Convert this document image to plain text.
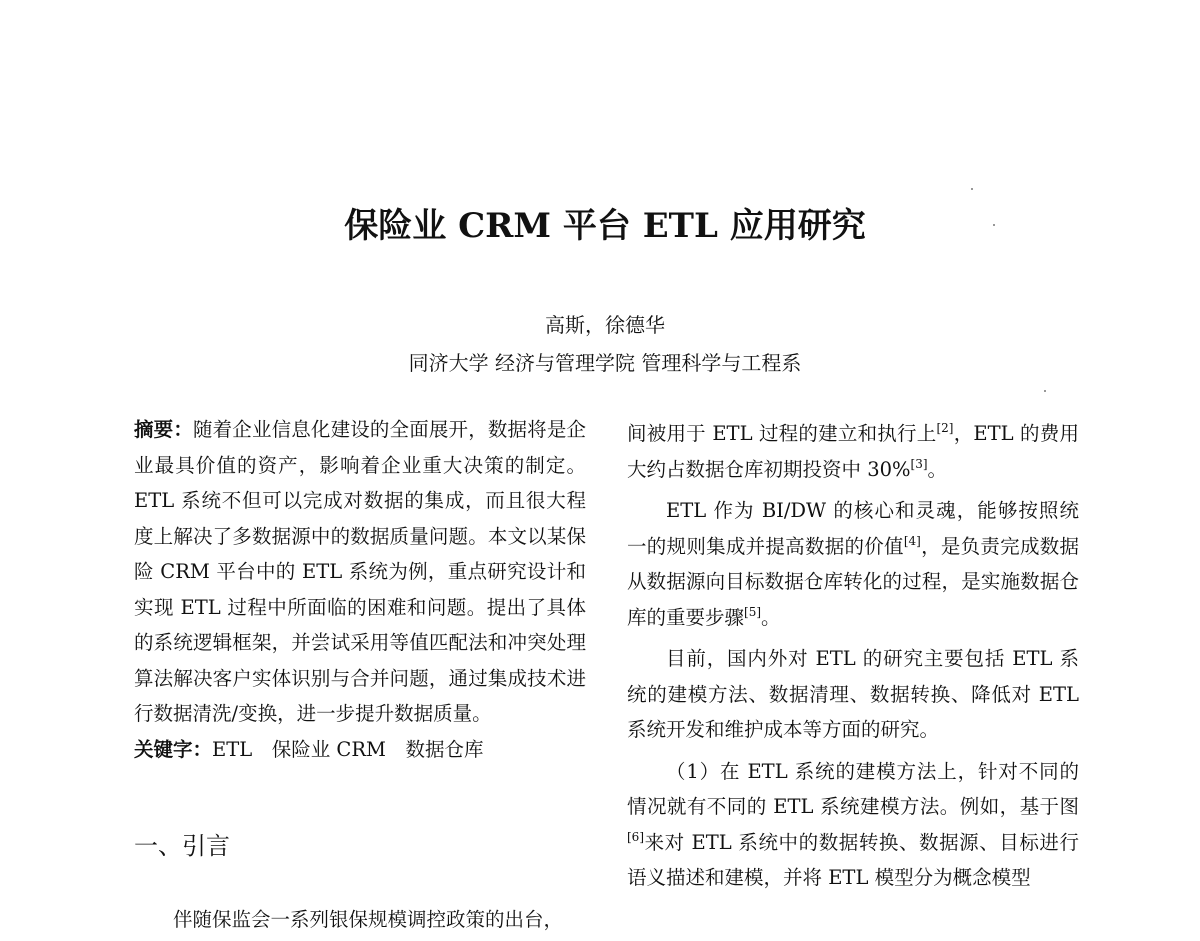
保险业 CRM 平台 ETL 应用研究
高斯，徐德华
同济大学 经济与管理学院 管理科学与工程系

摘要：随着企业信息化建设的全面展开，数据将是企业最具价值的资产，影响着企业重大决策的制定。ETL 系统不但可以完成对数据的集成，而且很大程度上解决了多数据源中的数据质量问题。本文以某保险 CRM 平台中的 ETL 系统为例，重点研究设计和实现 ETL 过程中所面临的困难和问题。提出了具体的系统逻辑框架，并尝试采用等值匹配法和冲突处理算法解决客户实体识别与合并问题，通过集成技术进行数据清洗/变换，进一步提升数据质量。

关键字：ETL　保险业 CRM　数据仓库

一、引言
伴随保监会一系列银保规模调控政策的出台，

间被用于 ETL 过程的建立和执行上[2]，ETL 的费用大约占数据仓库初期投资中 30%[3]。

ETL 作为 BI/DW 的核心和灵魂，能够按照统一的规则集成并提高数据的价值[4]，是负责完成数据从数据源向目标数据仓库转化的过程，是实施数据仓库的重要步骤[5]。

目前，国内外对 ETL 的研究主要包括 ETL 系统的建模方法、数据清理、数据转换、降低对 ETL 系统开发和维护成本等方面的研究。

（1）在 ETL 系统的建模方法上，针对不同的情况就有不同的 ETL 系统建模方法。例如，基于图[6]来对 ETL 系统中的数据转换、数据源、目标进行语义描述和建模，并将 ETL 模型分为概念模型
